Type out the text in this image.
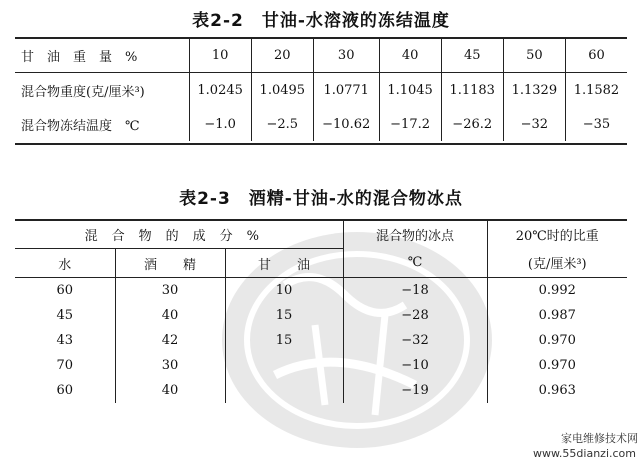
表2-2　甘油-水溶液的冻结温度
甘　油　重　量　%	10	20	30	40	45	50	60
混合物重度(克/厘米³)	1.0245	1.0495	1.0771	1.1045	1.1183	1.1329	1.1582
混合物冻结温度　℃	−1.0	−2.5	−10.62	−17.2	−26.2	−32	−35
表2-3　酒精-甘油-水的混合物冰点
混合物的成分%			混合物的冰点	20℃时的比重
水	酒　　精	甘　　油	℃	(克/厘米³)
60	30	10	−18	0.992
45	40	15	−28	0.987
43	42	15	−32	0.970
70	30		−10	0.970
60	40		−19	0.963
家电维修技术网
www.55dianzi.com
